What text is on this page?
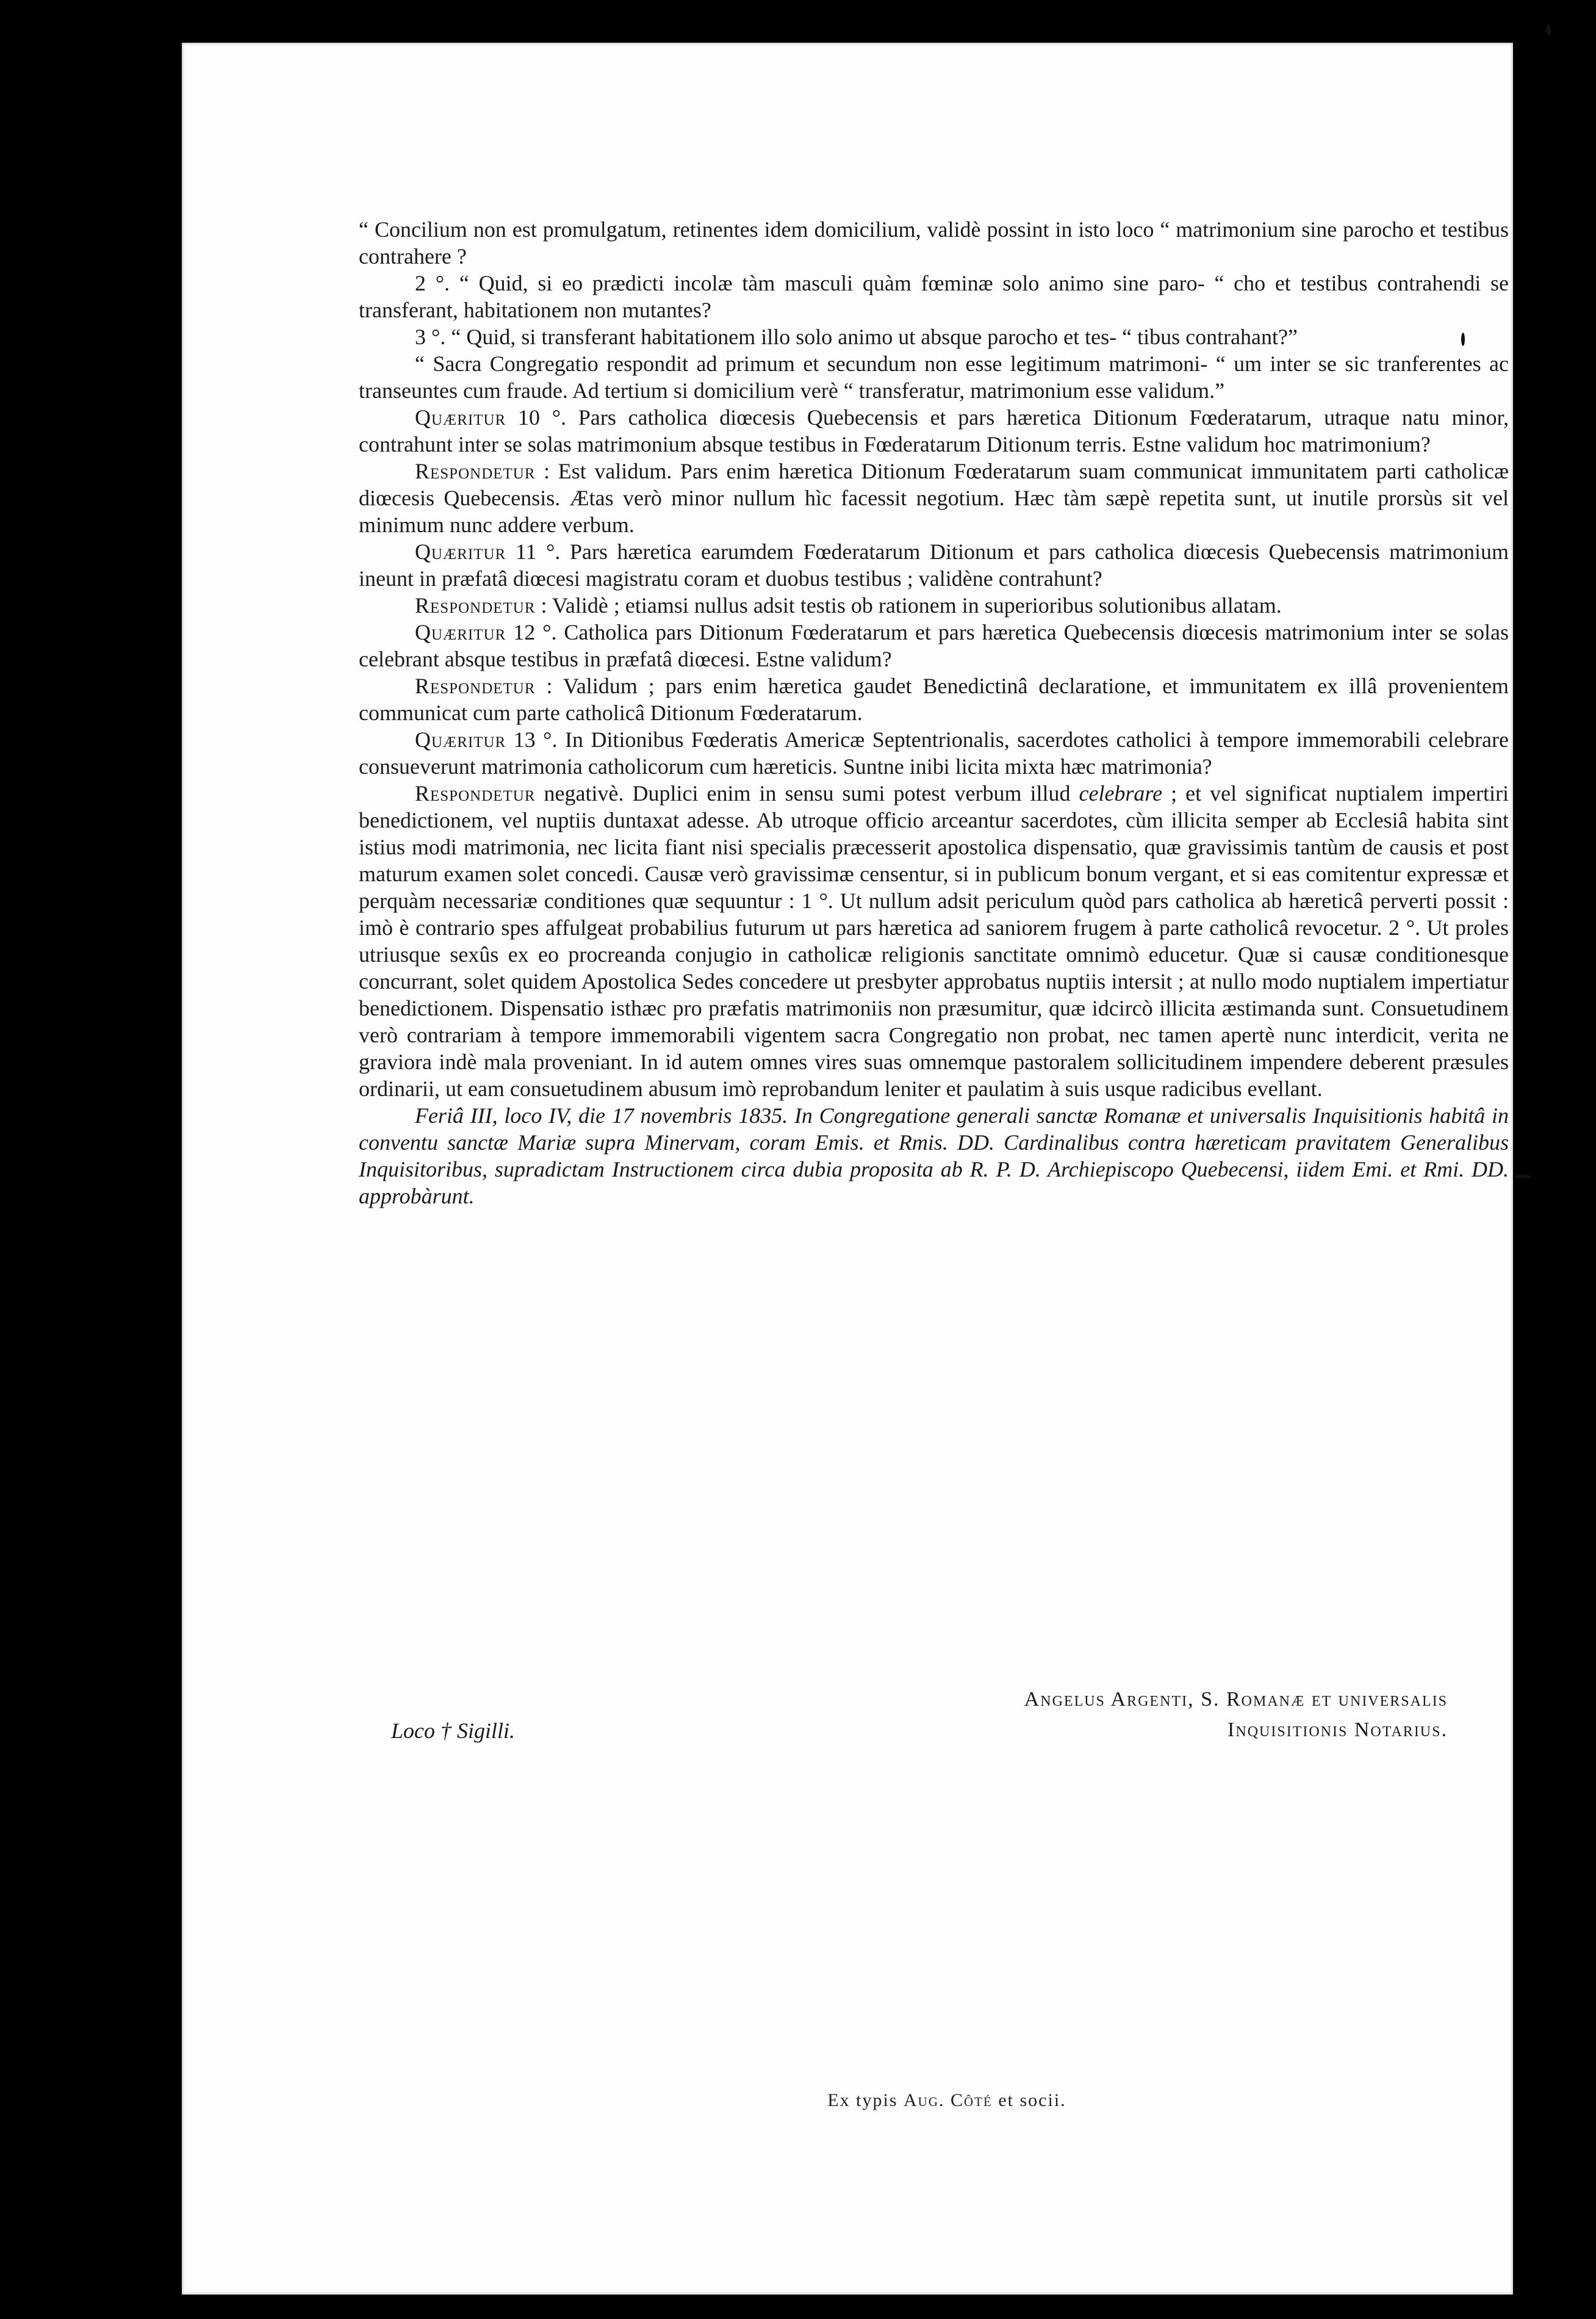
“ Concilium non est promulgatum, retinentes idem domicilium, validè possint in isto loco “ matrimonium sine parocho et testibus contrahere ?

2 °. “ Quid, si eo prædicti incolæ tàm masculi quàm fœminæ solo animo sine paro- “ cho et testibus contrahendi se transferant, habitationem non mutantes?

3 °. “ Quid, si transferant habitationem illo solo animo ut absque parocho et tes- “ tibus contrahant?”

“ Sacra Congregatio respondit ad primum et secundum non esse legitimum matrimoni- “ um inter se sic tranferentes ac transeuntes cum fraude. Ad tertium si domicilium verè “ transferatur, matrimonium esse validum.”

Quæritur 10 °. Pars catholica diœcesis Quebecensis et pars hæretica Ditionum Fœderatarum, utraque natu minor, contrahunt inter se solas matrimonium absque testibus in Fœderatarum Ditionum terris. Estne validum hoc matrimonium?

Respondetur : Est validum. Pars enim hæretica Ditionum Fœderatarum suam communicat immunitatem parti catholicæ diœcesis Quebecensis. Ætas verò minor nullum hìc facessit negotium. Hæc tàm sæpè repetita sunt, ut inutile prorsùs sit vel minimum nunc addere verbum.

Quæritur 11 °. Pars hæretica earumdem Fœderatarum Ditionum et pars catholica diœcesis Quebecensis matrimonium ineunt in præfatâ diœcesi magistratu coram et duobus testibus ; validène contrahunt?

Respondetur : Validè ; etiamsi nullus adsit testis ob rationem in superioribus solutionibus allatam.

Quæritur 12 °. Catholica pars Ditionum Fœderatarum et pars hæretica Quebecensis diœcesis matrimonium inter se solas celebrant absque testibus in præfatâ diœcesi. Estne validum?

Respondetur : Validum ; pars enim hæretica gaudet Benedictinâ declaratione, et immunitatem ex illâ provenientem communicat cum parte catholicâ Ditionum Fœderatarum.

Quæritur 13 °. In Ditionibus Fœderatis Americæ Septentrionalis, sacerdotes catholici à tempore immemorabili celebrare consueverunt matrimonia catholicorum cum hæreticis. Suntne inibi licita mixta hæc matrimonia?

Respondetur negativè. Duplici enim in sensu sumi potest verbum illud celebrare ; et vel significat nuptialem impertiri benedictionem, vel nuptiis duntaxat adesse. Ab utroque officio arceantur sacerdotes, cùm illicita semper ab Ecclesiâ habita sint istius modi matrimonia, nec licita fiant nisi specialis præcesserit apostolica dispensatio, quæ gravissimis tantùm de causis et post maturum examen solet concedi. Causæ verò gravissimæ censentur, si in publicum bonum vergant, et si eas comitentur expressæ et perquàm necessariæ conditiones quæ sequuntur : 1 °. Ut nullum adsit periculum quòd pars catholica ab hæreticâ perverti possit : imò è contrario spes affulgeat probabilius futurum ut pars hæretica ad saniorem frugem à parte catholicâ revocetur. 2 °. Ut proles utriusque sexûs ex eo procreanda conjugio in catholicæ religionis sanctitate omnimò educetur. Quæ si causæ conditionesque concurrant, solet quidem Apostolica Sedes concedere ut presbyter approbatus nuptiis intersit ; at nullo modo nuptialem impertiatur benedictionem. Dispensatio isthæc pro præfatis matrimoniis non præsumitur, quæ idcircò illicita æstimanda sunt. Consuetudinem verò contrariam à tempore immemorabili vigentem sacra Congregatio non probat, nec tamen apertè nunc interdicit, verita ne graviora indè mala proveniant. In id autem omnes vires suas omnemque pastoralem sollicitudinem impendere deberent præsules ordinarii, ut eam consuetudinem abusum imò reprobandum leniter et paulatim à suis usque radicibus evellant.

Feriâ III, loco IV, die 17 novembris 1835. In Congregatione generali sanctæ Romanæ et universalis Inquisitionis habitâ in conventu sanctæ Mariæ supra Minervam, coram Emis. et Rmis. DD. Cardinalibus contra hæreticam pravitatem Generalibus Inquisitoribus, supradictam Instructionem circa dubia proposita ab R. P. D. Archiepiscopo Quebecensi, iidem Emi. et Rmi. DD. approbàrunt.

Angelus Argenti, S. Romanæ et universalis
Inquisitionis Notarius.
Loco † Sigilli.
Ex typis Aug. Côté et socii.
